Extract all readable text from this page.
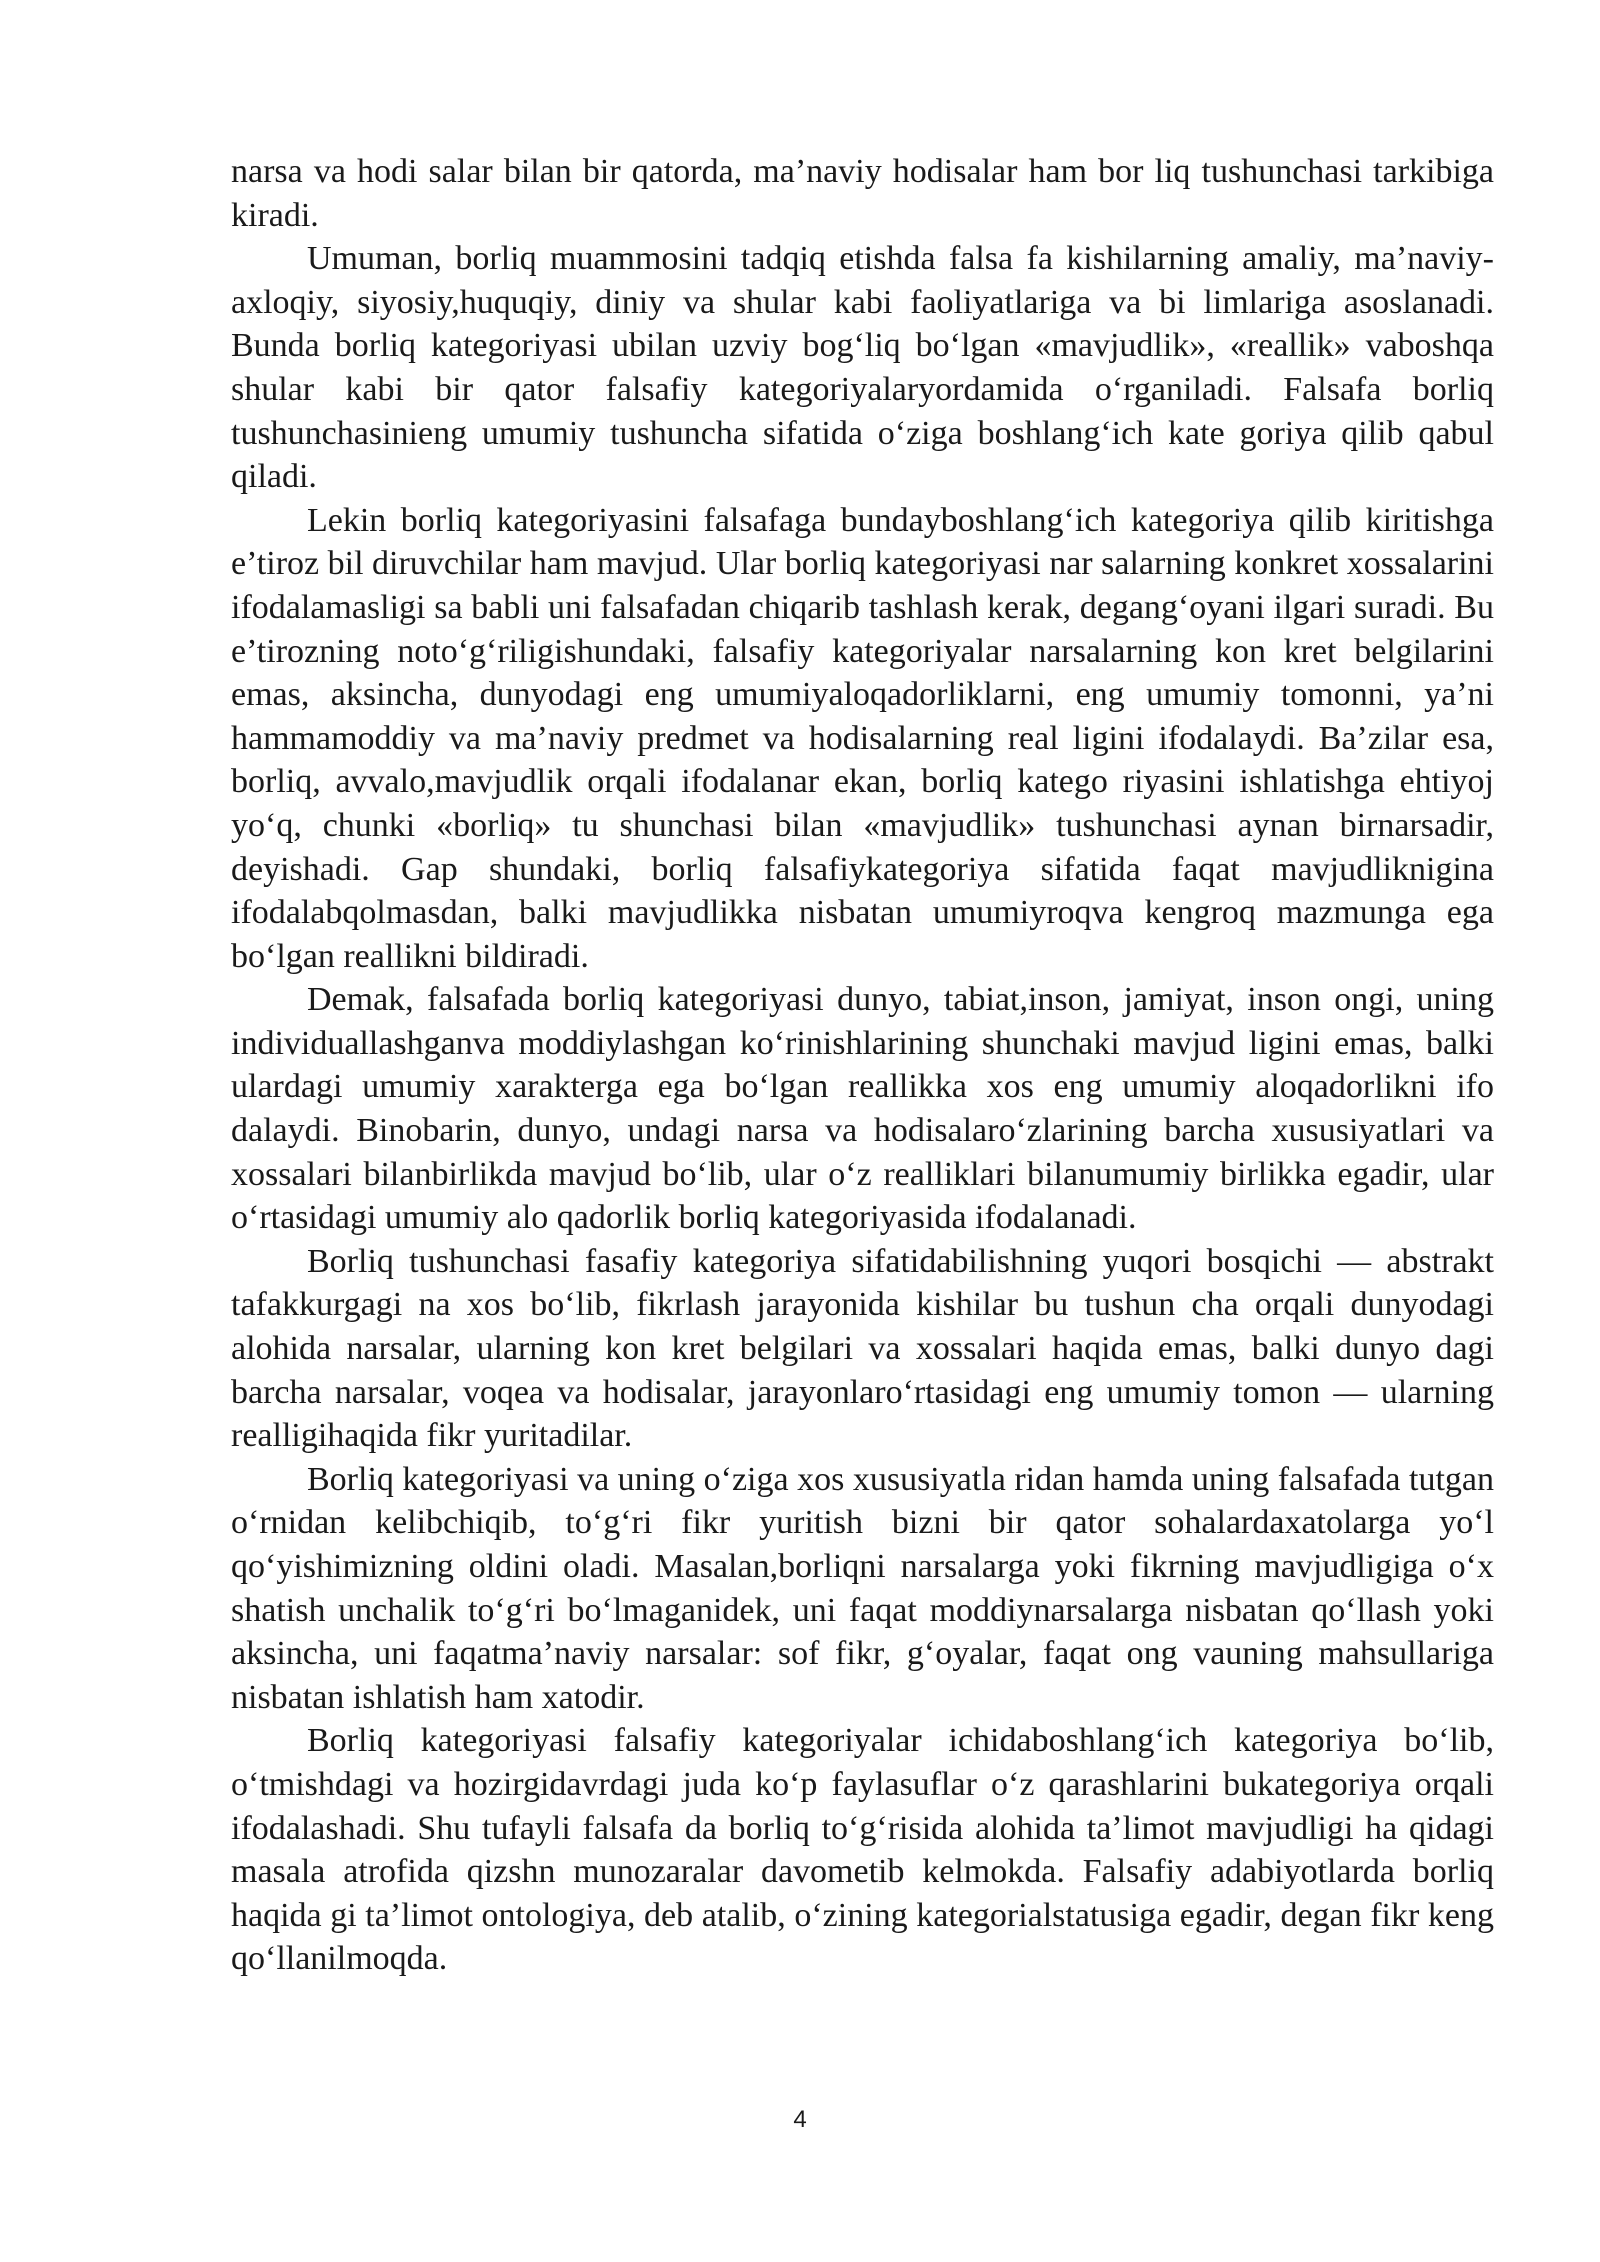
narsa va hodi salar bilan bir qatorda, ma’naviy hodisalar ham bor liq tushunchasi tarkibiga kiradi.

Umuman, borliq muammosini tadqiq etishda falsa fa kishilarning amaliy, ma’naviy-axloqiy, siyosiy,huquqiy, diniy va shular kabi faoliyatlariga va bi limlariga asoslanadi. Bunda borliq kategoriyasi ubilan uzviy bog‘liq bo‘lgan «mavjudlik», «reallik» vaboshqa shular kabi bir qator falsafiy kategoriyalaryordamida o‘rganiladi. Falsafa borliq tushunchasinieng umumiy tushuncha sifatida o‘ziga boshlang‘ich kate goriya qilib qabul qiladi.

Lekin borliq kategoriyasini falsafaga bundayboshlang‘ich kategoriya qilib kiritishga e’tiroz bil diruvchilar ham mavjud. Ular borliq kategoriyasi nar salarning konkret xossalarini ifodalamasligi sa babli uni falsafadan chiqarib tashlash kerak, degang‘oyani ilgari suradi. Bu e’tirozning noto‘g‘riligishundaki, falsafiy kategoriyalar narsalarning kon kret belgilarini emas, aksincha, dunyodagi eng umumiyaloqadorliklarni, eng umumiy tomonni, ya’ni hammamoddiy va ma’naviy predmet va hodisalarning real ligini ifodalaydi. Ba’zilar esa, borliq, avvalo,mavjudlik orqali ifodalanar ekan, borliq katego riyasini ishlatishga ehtiyoj yo‘q, chunki «borliq» tu shunchasi bilan «mavjudlik» tushunchasi aynan birnarsadir, deyishadi. Gap shundaki, borliq falsafiykategoriya sifatida faqat mavjudliknigina ifodalabqolmasdan, balki mavjudlikka nisbatan umumiyroqva kengroq mazmunga ega bo‘lgan reallikni bildiradi.

Demak, falsafada borliq kategoriyasi dunyo, tabiat,inson, jamiyat, inson ongi, uning individuallashganva moddiylashgan ko‘rinishlarining shunchaki mavjud ligini emas, balki ulardagi umumiy xarakterga ega bo‘lgan reallikka xos eng umumiy aloqadorlikni ifo dalaydi. Binobarin, dunyo, undagi narsa va hodisalaro‘zlarining barcha xususiyatlari va xossalari bilanbirlikda mavjud bo‘lib, ular o‘z realliklari bilanumumiy birlikka egadir, ular o‘rtasidagi umumiy alo qadorlik borliq kategoriyasida ifodalanadi.

Borliq tushunchasi fasafiy kategoriya sifatidabilishning yuqori bosqichi — abstrakt tafakkurgagi na xos bo‘lib, fikrlash jarayonida kishilar bu tushun cha orqali dunyodagi alohida narsalar, ularning kon kret belgilari va xossalari haqida emas, balki dunyo dagi barcha narsalar, voqea va hodisalar, jarayonlaro‘rtasidagi eng umumiy tomon — ularning realligihaqida fikr yuritadilar.

Borliq kategoriyasi va uning o‘ziga xos xususiyatla ridan hamda uning falsafada tutgan o‘rnidan kelibchiqib, to‘g‘ri fikr yuritish bizni bir qator sohalardaxatolarga yo‘l qo‘yishimizning oldini oladi. Masalan,borliqni narsalarga yoki fikrning mavjudligiga o‘x shatish unchalik to‘g‘ri bo‘lmaganidek, uni faqat moddiynarsalarga nisbatan qo‘llash yoki aksincha, uni faqatma’naviy narsalar: sof fikr, g‘oyalar, faqat ong vauning mahsullariga nisbatan ishlatish ham xatodir.

Borliq kategoriyasi falsafiy kategoriyalar ichidaboshlang‘ich kategoriya bo‘lib, o‘tmishdagi va hozirgidavrdagi juda ko‘p faylasuflar o‘z qarashlarini bukategoriya orqali ifodalashadi. Shu tufayli falsafa da borliq to‘g‘risida alohida ta’limot mavjudligi ha qidagi masala atrofida qizshn munozaralar davometib kelmokda. Falsafiy adabiyotlarda borliq haqida gi ta’limot ontologiya, deb atalib, o‘zining kategorialstatusiga egadir, degan fikr keng qo‘llanilmoqda.

4
